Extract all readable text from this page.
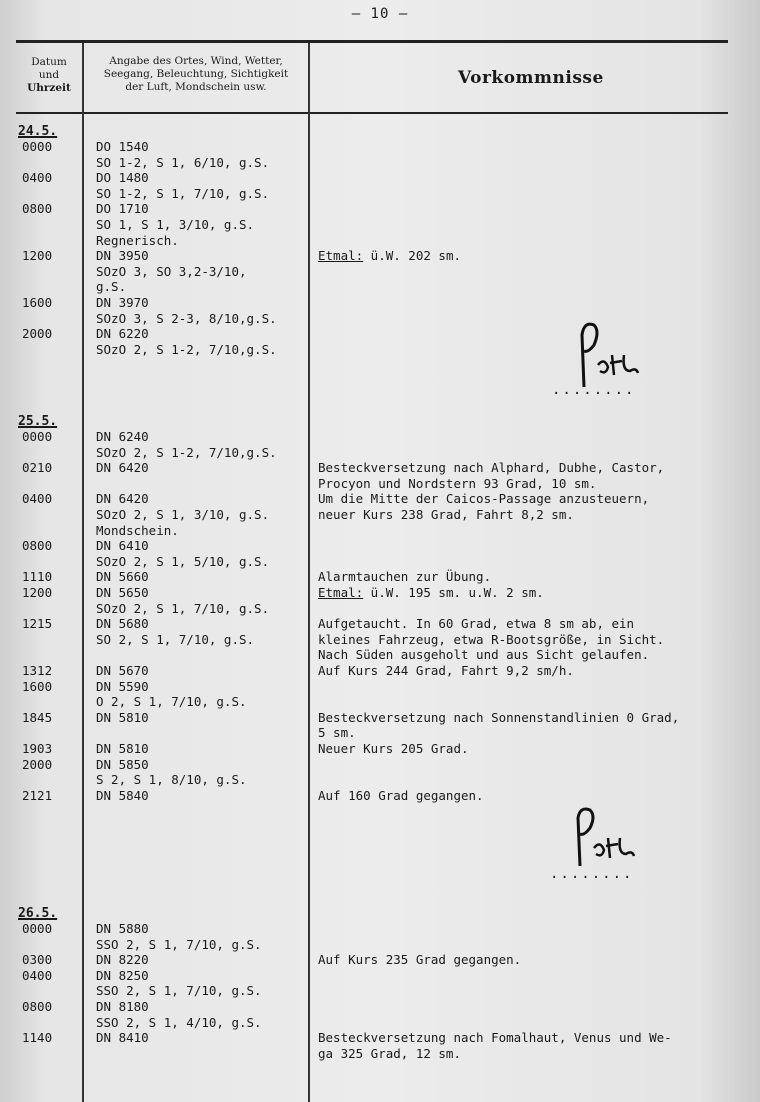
– 10 –
Datum
und
Uhrzeit
Angabe des Ortes, Wind, Wetter,
Seegang, Beleuchtung, Sichtigkeit
der Luft, Mondschein usw.	Vorkommnisse
24.5.
0000	DO 1540
SO 1-2, S 1, 6/10, g.S.
0400	DO 1480
SO 1-2, S 1, 7/10, g.S.
0800	DO 1710
SO 1, S 1, 3/10, g.S.
Regnerisch.
1200	DN 3950	Etmal: ü.W. 202 sm.
SOzO 3, SO 3,2-3/10,
g.S.
1600	DN 3970
SOzO 3, S 2-3, 8/10,g.S.
2000	DN 6220
SOzO 2, S 1-2, 7/10,g.S.
25.5.
0000	DN 6240
SOzO 2, S 1-2, 7/10,g.S.
0210	DN 6420	Besteckversetzung nach Alphard, Dubhe, Castor,
Procyon und Nordstern 93 Grad, 10 sm.
0400	DN 6420	Um die Mitte der Caicos-Passage anzusteuern,
SOzO 2, S 1, 3/10, g.S.	neuer Kurs 238 Grad, Fahrt 8,2 sm.
Mondschein.
0800	DN 6410
SOzO 2, S 1, 5/10, g.S.
1110	DN 5660	Alarmtauchen zur Übung.
1200	DN 5650	Etmal: ü.W. 195 sm. u.W. 2 sm.
SOzO 2, S 1, 7/10, g.S.
1215	DN 5680	Aufgetaucht. In 60 Grad, etwa 8 sm ab, ein
SO 2, S 1, 7/10, g.S.	kleines Fahrzeug, etwa R-Bootsgröße, in Sicht.
Nach Süden ausgeholt und aus Sicht gelaufen.
1312	DN 5670	Auf Kurs 244 Grad, Fahrt 9,2 sm/h.
1600	DN 5590
O 2, S 1, 7/10, g.S.
1845	DN 5810	Besteckversetzung nach Sonnenstandlinien 0 Grad,
5 sm.
1903	DN 5810	Neuer Kurs 205 Grad.
2000	DN 5850
S 2, S 1, 8/10, g.S.
2121	DN 5840	Auf 160 Grad gegangen.
26.5.
0000	DN 5880
SSO 2, S 1, 7/10, g.S.
0300	DN 8220	Auf Kurs 235 Grad gegangen.
0400	DN 8250
SSO 2, S 1, 7/10, g.S.
0800	DN 8180
SSO 2, S 1, 4/10, g.S.
1140	DN 8410	Besteckversetzung nach Fomalhaut, Venus und We-
ga 325 Grad, 12 sm.
........
........
